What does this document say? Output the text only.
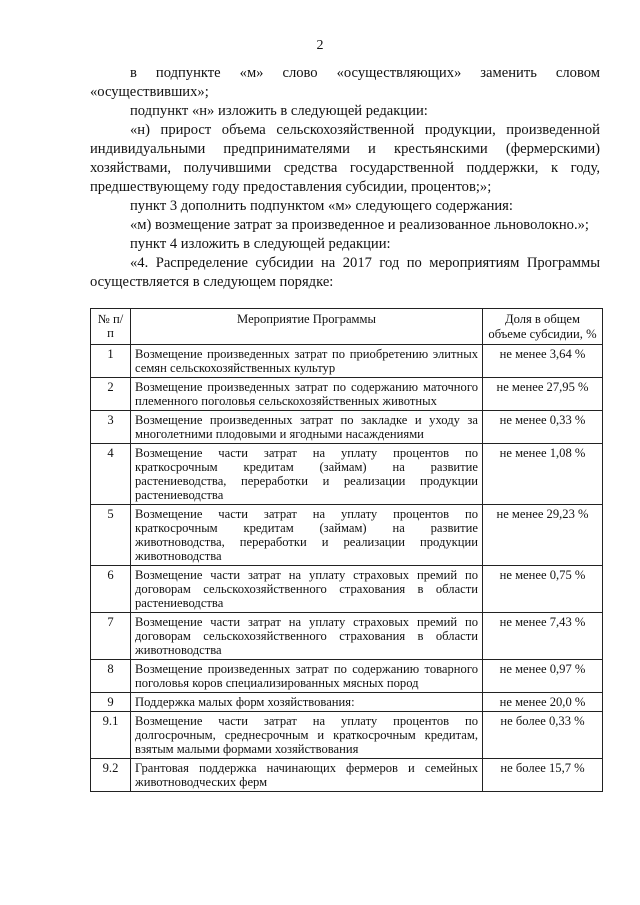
2

в подпункте «м» слово «осуществляющих» заменить словом «осуществивших»;

подпункт «н» изложить в следующей редакции:

«н) прирост объема сельскохозяйственной продукции, произведенной индивидуальными предпринимателями и крестьянскими (фермерскими) хозяйствами, получившими средства государственной поддержки, к году, предшествующему году предоставления субсидии, процентов;»;

пункт 3 дополнить подпунктом «м» следующего содержания:

«м) возмещение затрат за произведенное и реализованное льноволокно.»;

пункт 4 изложить в следующей редакции:

«4. Распределение субсидии на 2017 год по мероприятиям Программы осуществляется в следующем порядке:

№ п/п	Мероприятие Программы	Доля в общем объеме субсидии, %
1	Возмещение произведенных затрат по приобретению элитных семян сельскохозяйственных культур	не менее 3,64 %
2	Возмещение произведенных затрат по содержанию маточного племенного поголовья сельскохозяйственных животных	не менее 27,95 %
3	Возмещение произведенных затрат по закладке и уходу за многолетними плодовыми и ягодными насаждениями	не менее 0,33 %
4	Возмещение части затрат на уплату процентов по краткосрочным кредитам (займам) на развитие растениеводства, переработки и реализации продукции растениеводства	не менее 1,08 %
5	Возмещение части затрат на уплату процентов по краткосрочным кредитам (займам) на развитие животноводства, переработки и реализации продукции животноводства	не менее 29,23 %
6	Возмещение части затрат на уплату страховых премий по договорам сельскохозяйственного страхования в области растениеводства	не менее 0,75 %
7	Возмещение части затрат на уплату страховых премий по договорам сельскохозяйственного страхования в области животноводства	не менее 7,43 %
8	Возмещение произведенных затрат по содержанию товарного поголовья коров специализированных мясных пород	не менее 0,97 %
9	Поддержка малых форм хозяйствования:	не менее 20,0 %
9.1	Возмещение части затрат на уплату процентов по долгосрочным, среднесрочным и краткосрочным кредитам, взятым малыми формами хозяйствования	не более 0,33 %
9.2	Грантовая поддержка начинающих фермеров и семейных животноводческих ферм	не более 15,7 %
